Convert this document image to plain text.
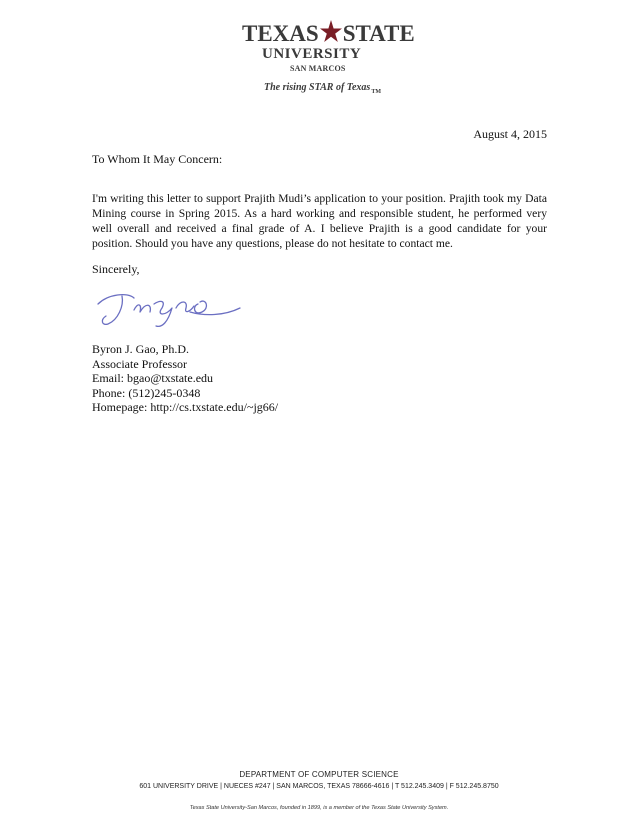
TEXAS STATE
UNIVERSITY
SAN MARCOS
The rising STAR of Texas$_{TM}$
August 4, 2015
To Whom It May Concern:
I'm writing this letter to support Prajith Mudi’s application to your position. Prajith took my Data Mining course in Spring 2015. As a hard working and responsible student, he performed very well overall and received a final grade of A. I believe Prajith is a good candidate for your position. Should you have any questions, please do not hesitate to contact me.
Sincerely,
Byron J. Gao, Ph.D.
Associate Professor
Email: bgao@txstate.edu
Phone: (512)245-0348
Homepage: http://cs.txstate.edu/~jg66/
DEPARTMENT OF COMPUTER SCIENCE
601 UNIVERSITY DRIVE | NUECES #247 | SAN MARCOS, TEXAS 78666-4616 | T 512.245.3409 | F 512.245.8750
Texas State University-San Marcos, founded in 1899, is a member of the Texas State University System.
